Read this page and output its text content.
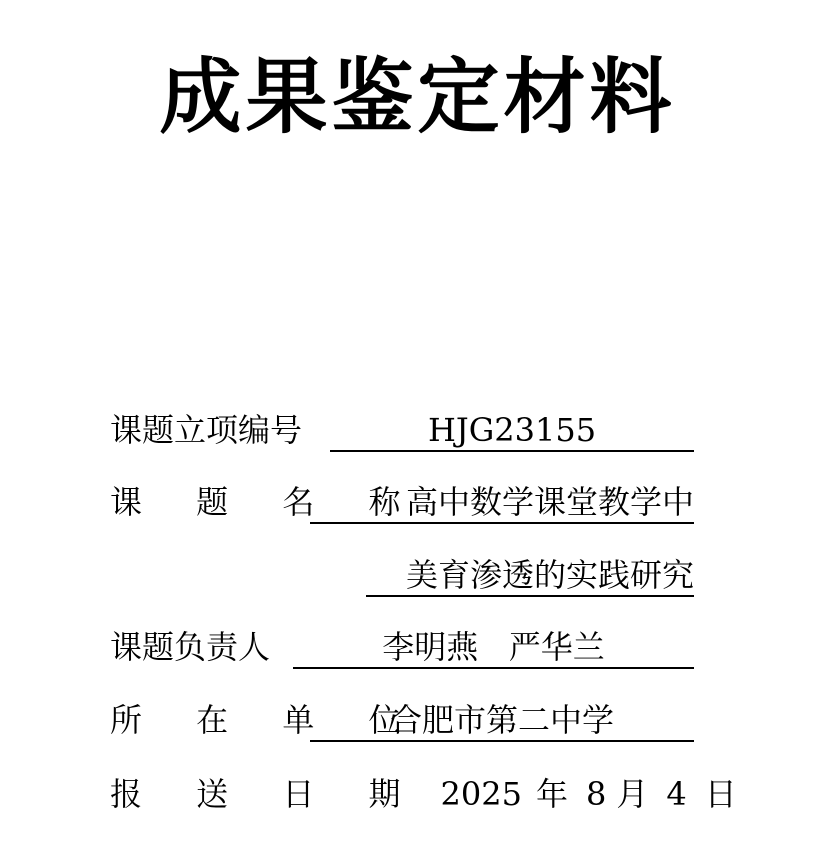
成果鉴定材料
课题立项编号	HJG23155
课 题 名 称
高中数学课堂教学中
美育渗透的实践研究
课题负责人	李明燕   严华兰
所 在 单 位
合肥市第二中学
报 送 日 期 2025 年 8 月 4 日
